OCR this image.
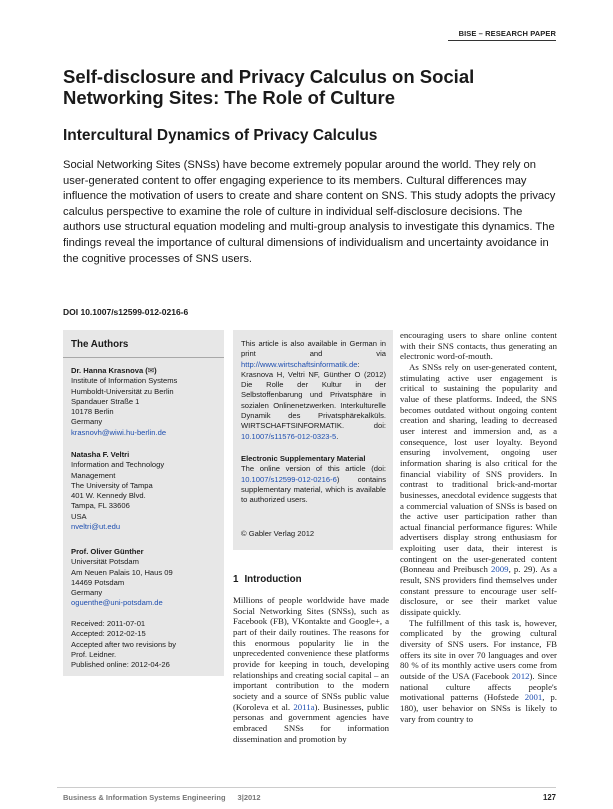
BISE – RESEARCH PAPER
Self-disclosure and Privacy Calculus on Social Networking Sites: The Role of Culture
Intercultural Dynamics of Privacy Calculus

Social Networking Sites (SNSs) have become extremely popular around the world. They rely on user-generated content to offer engaging experience to its members. Cultural differences may influence the motivation of users to create and share content on SNS. This study adopts the privacy calculus perspective to examine the role of culture in individual self-disclosure decisions. The authors use structural equation modeling and multi-group analysis to investigate this dynamics. The findings reveal the importance of cultural dimensions of individualism and uncertainty avoidance in the cognitive processes of SNS users.

DOI 10.1007/s12599-012-0216-6
The Authors
Dr. Hanna Krasnova (✉)
Institute of Information Systems
Humboldt-Universität zu Berlin
Spandauer Straße 1
10178 Berlin
Germany
krasnovh@wiwi.hu-berlin.de
Natasha F. Veltri
Information and Technology
Management
The University of Tampa
401 W. Kennedy Blvd.
Tampa, FL 33606
USA
nveltri@ut.edu
Prof. Oliver Günther
Universität Potsdam
Am Neuen Palais 10, Haus 09
14469 Potsdam
Germany
oguenthe@uni-potsdam.de
Received: 2011-07-01
Accepted: 2012-02-15
Accepted after two revisions by
Prof. Leidner.
Published online: 2012-04-26
This article is also available in German in print and via http://www.wirtschaftsinformatik.de: Krasnova H, Veltri NF, Günther O (2012) Die Rolle der Kultur in der Selbstoffenbarung und Privatsphäre in sozialen Onlinenetzwerken. Interkulturelle Dynamik des Privatsphärekalküls. WIRTSCHAFTSINFORMATIK. doi: 10.1007/s11576-012-0323-5.
Electronic Supplementary Material
The online version of this article (doi: 10.1007/s12599-012-0216-6) contains supplementary material, which is available to authorized users.
© Gabler Verlag 2012
1 Introduction

Millions of people worldwide have made Social Networking Sites (SNSs), such as Facebook (FB), VKontakte and Google+, a part of their daily routines. The reasons for this enormous popularity lie in the unprecedented convenience these platforms provide for keeping in touch, developing relationships and creating social capital – an important contribution to the modern society and a source of SNSs public value (Koroleva et al. 2011a). Businesses, public personas and government agencies have embraced SNSs for information dissemination and promotion by

encouraging users to share online content with their SNS contacts, thus generating an electronic word-of-mouth.

As SNSs rely on user-generated content, stimulating active user engagement is critical to sustaining the popularity and value of these platforms. Indeed, the SNS becomes outdated without ongoing content creation and sharing, leading to decreased user interest and immersion and, as a consequence, lost user loyalty. Beyond ensuring involvement, ongoing user information sharing is also critical for the financial viability of SNS providers. In contrast to traditional brick-and-mortar businesses, anecdotal evidence suggests that a commercial valuation of SNSs is based on the active user participation rather than actual financial performance figures: While advertisers display strong enthusiasm for exploiting user data, their interest is contingent on the user-generated content (Bonneau and Preibusch 2009, p. 29). As a result, SNS providers find themselves under constant pressure to encourage user self-disclosure, or see their market value dissipate quickly.

The fulfillment of this task is, however, complicated by the growing cultural diversity of SNS users. For instance, FB offers its site in over 70 languages and over 80 % of its monthly active users come from outside of the USA (Facebook 2012). Since national culture affects people's motivational patterns (Hofstede 2001, p. 180), user behavior on SNSs is likely to vary from country to

Business & Information Systems Engineering 3|2012	127
